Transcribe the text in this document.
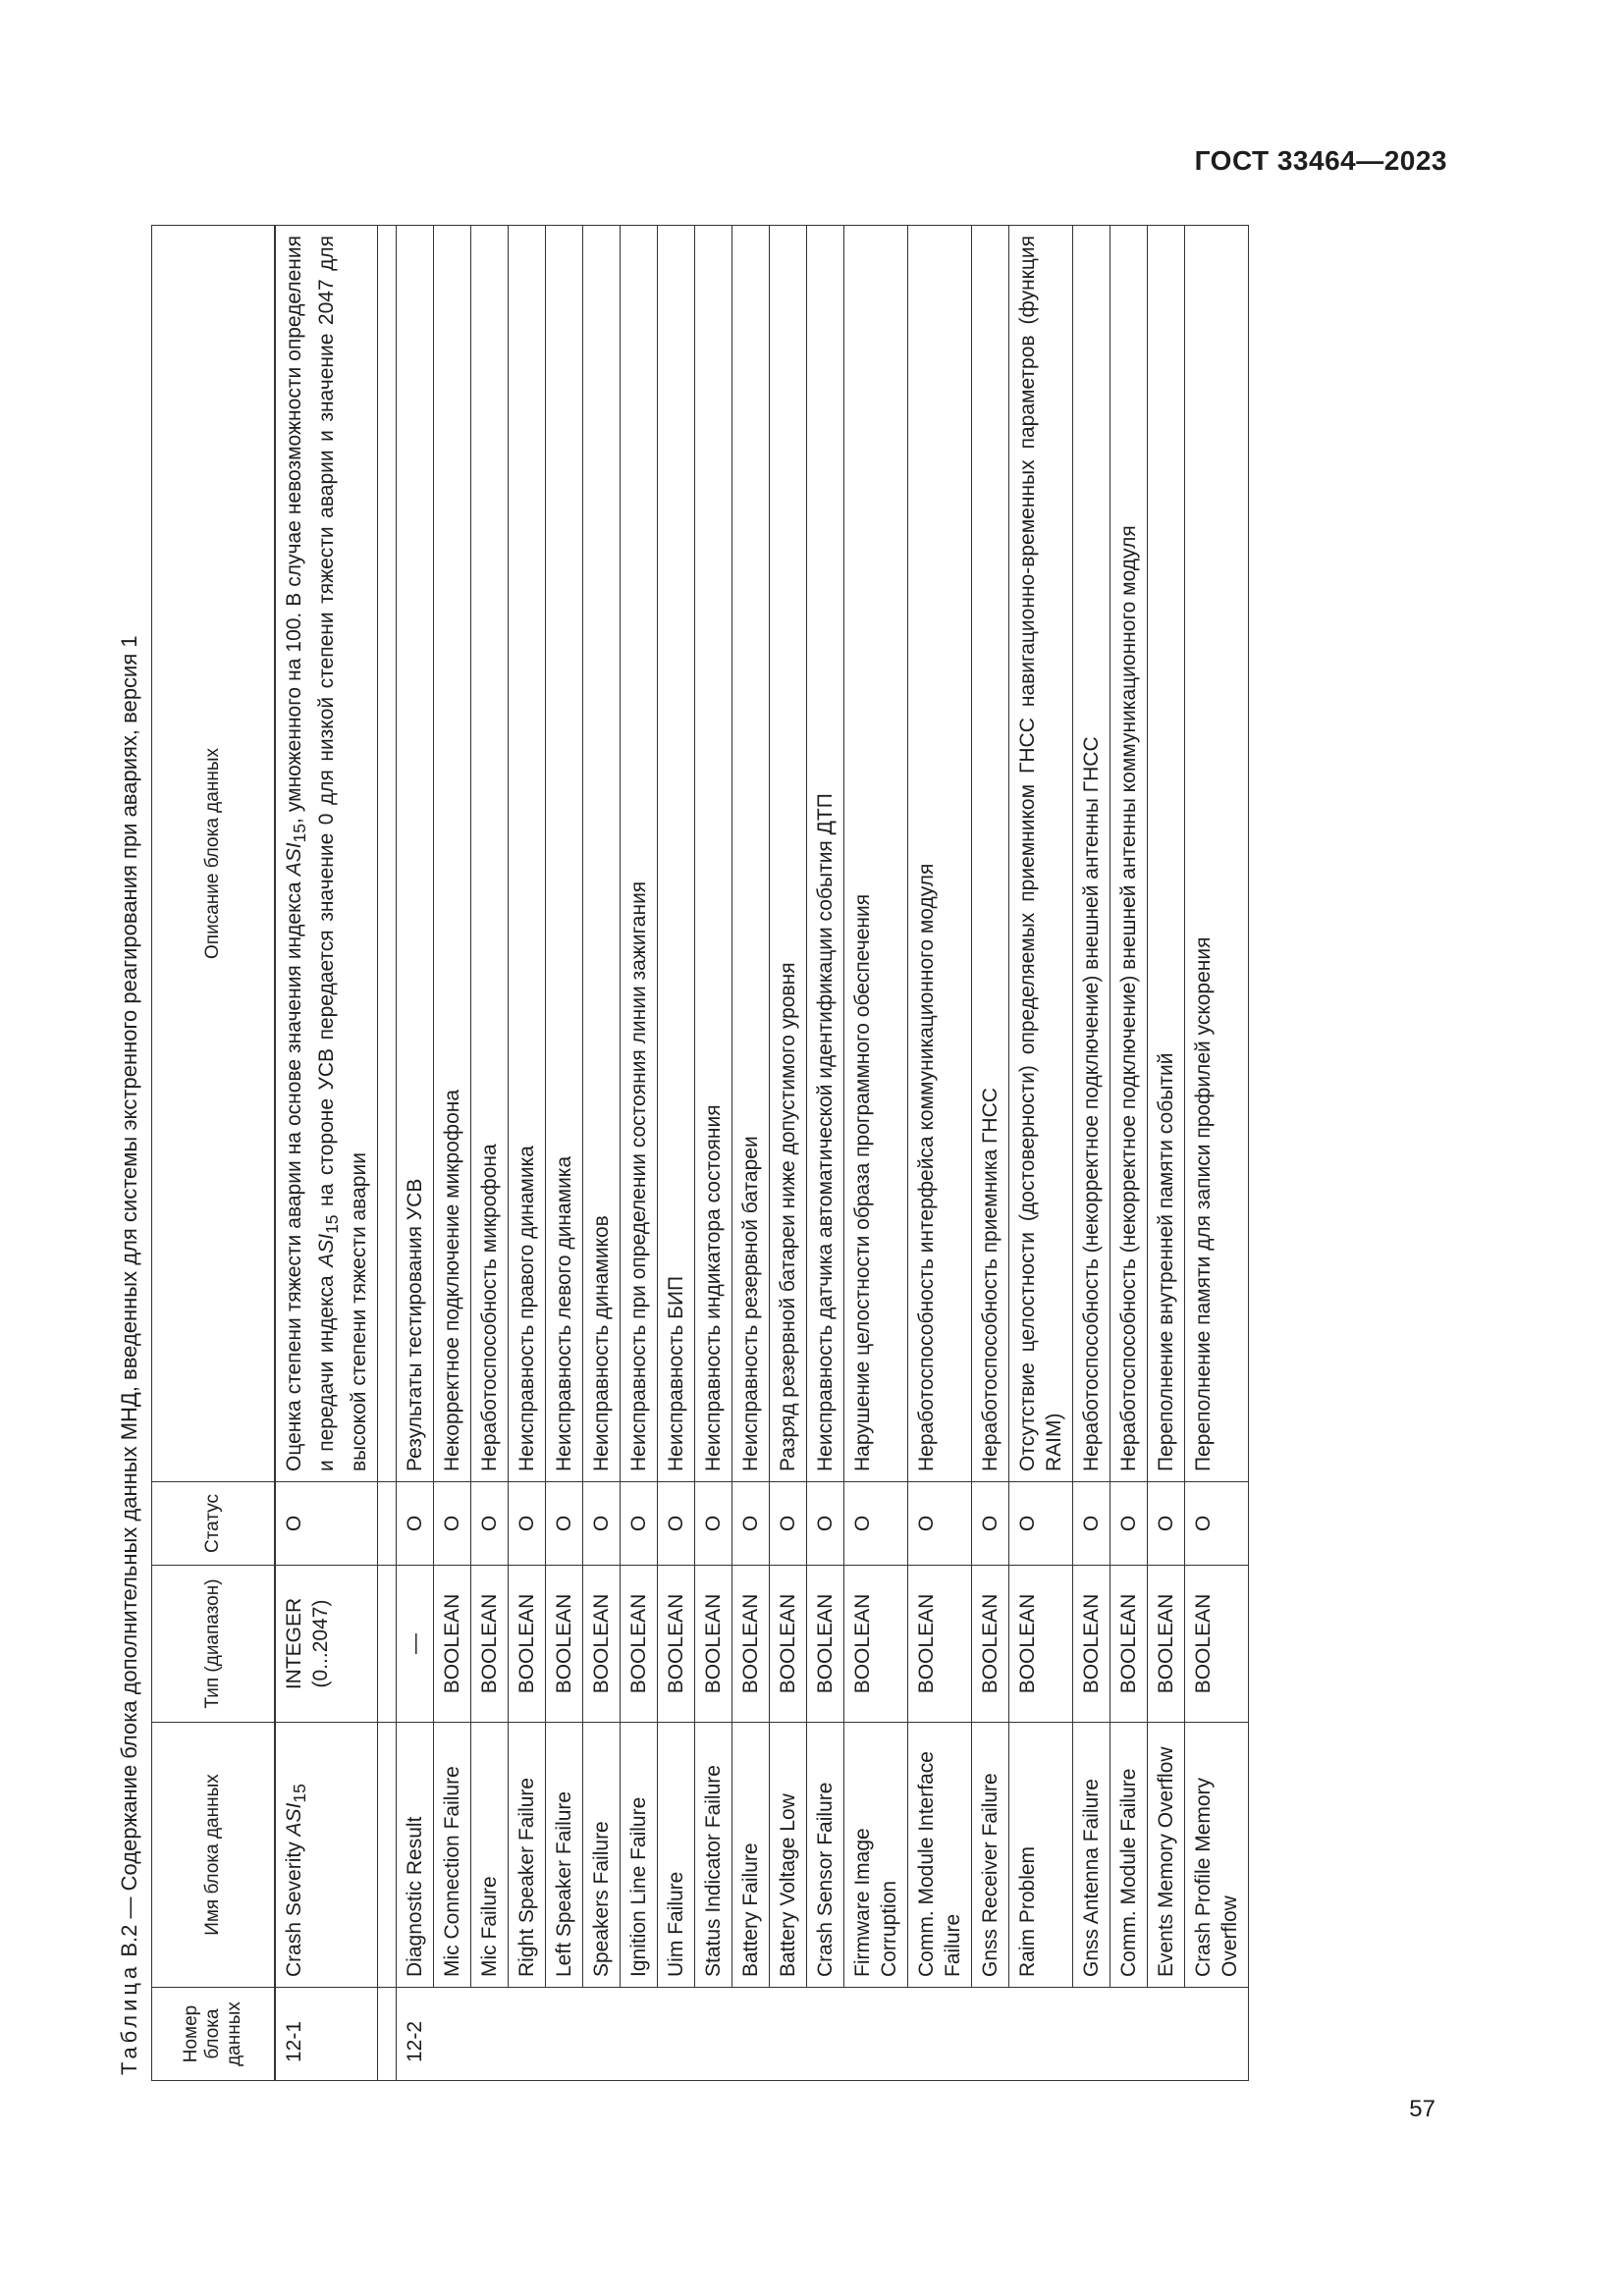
ГОСТ 33464—2023
Таблица В.2 — Содержание блока дополнительных данных МНД, введенных для системы экстренного реагирования при авариях, версия 1
Номер блока данных	Имя блока данных	Тип (диапазон)	Статус	Описание блока данных
12-1	Crash Severity $ASI_{15}$	INTEGER (0...2047)	O	Оценка степени тяжести аварии на основе значения индекса $ASI_{15}$, умноженного на 100. В случае невозможности определения и передачи индекса $ASI_{15}$ на стороне УСВ передается значение 0 для низкой степени тяжести аварии и значение 2047 для высокой степени тяжести аварии

12-2	Diagnostic Result	—	O	Результаты тестирования УСВ
	Mic Connection Failure	BOOLEAN	O	Некорректное подключение микрофона
	Mic Failure	BOOLEAN	O	Неработоспособность микрофона
	Right Speaker Failure	BOOLEAN	O	Неисправность правого динамика
	Left Speaker Failure	BOOLEAN	O	Неисправность левого динамика
	Speakers Failure	BOOLEAN	O	Неисправность динамиков
	Ignition Line Failure	BOOLEAN	O	Неисправность при определении состояния линии зажигания
	Uim Failure	BOOLEAN	O	Неисправность БИП
	Status Indicator Failure	BOOLEAN	O	Неисправность индикатора состояния
	Battery Failure	BOOLEAN	O	Неисправность резервной батареи
	Battery Voltage Low	BOOLEAN	O	Разряд резервной батареи ниже допустимого уровня
	Crash Sensor Failure	BOOLEAN	O	Неисправность датчика автоматической идентификации события ДТП
	Firmware Image Corruption	BOOLEAN	O	Нарушение целостности образа программного обеспечения
	Comm. Module Interface Failure	BOOLEAN	O	Неработоспособность интерфейса коммуникационного модуля
	Gnss Receiver Failure	BOOLEAN	O	Неработоспособность приемника ГНСС
	Raim Problem	BOOLEAN	O	Отсутствие целостности (достоверности) определяемых приемником ГНСС навигационно-временных параметров (функция RAIM)
	Gnss Antenna Failure	BOOLEAN	O	Неработоспособность (некорректное подключение) внешней антенны ГНСС
	Comm. Module Failure	BOOLEAN	O	Неработоспособность (некорректное подключение) внешней антенны коммуникационного модуля
	Events Memory Overflow	BOOLEAN	O	Переполнение внутренней памяти событий
	Crash Profile Memory Overflow	BOOLEAN	O	Переполнение памяти для записи профилей ускорения
57
